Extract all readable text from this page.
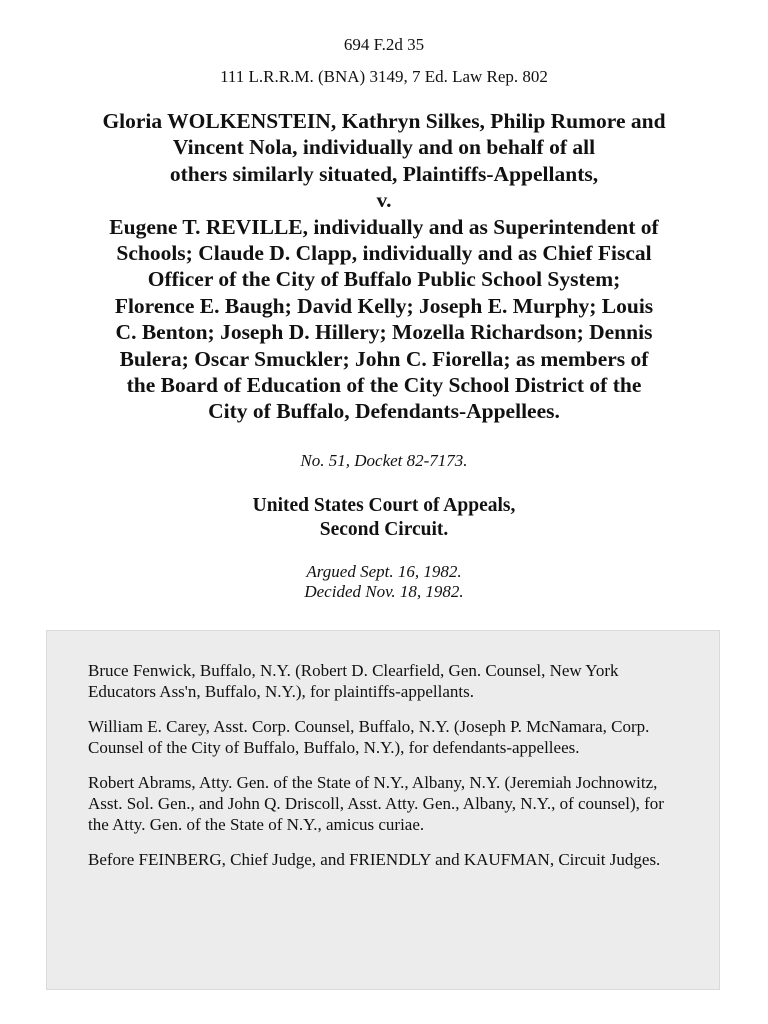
694 F.2d 35
111 L.R.R.M. (BNA) 3149, 7 Ed. Law Rep. 802
Gloria WOLKENSTEIN, Kathryn Silkes, Philip Rumore and
Vincent Nola, individually and on behalf of all
others similarly situated, Plaintiffs-Appellants,
v.
Eugene T. REVILLE, individually and as Superintendent of
Schools; Claude D. Clapp, individually and as Chief Fiscal
Officer of the City of Buffalo Public School System;
Florence E. Baugh; David Kelly; Joseph E. Murphy; Louis
C. Benton; Joseph D. Hillery; Mozella Richardson; Dennis
Bulera; Oscar Smuckler; John C. Fiorella; as members of
the Board of Education of the City School District of the
City of Buffalo, Defendants-Appellees.
No. 51, Docket 82-7173.
United States Court of Appeals,
Second Circuit.
Argued Sept. 16, 1982.
Decided Nov. 18, 1982.

Bruce Fenwick, Buffalo, N.Y. (Robert D. Clearfield, Gen. Counsel, New York Educators Ass'n, Buffalo, N.Y.), for plaintiffs-appellants.

William E. Carey, Asst. Corp. Counsel, Buffalo, N.Y. (Joseph P. McNamara, Corp. Counsel of the City of Buffalo, Buffalo, N.Y.), for defendants-appellees.

Robert Abrams, Atty. Gen. of the State of N.Y., Albany, N.Y. (Jeremiah Jochnowitz, Asst. Sol. Gen., and John Q. Driscoll, Asst. Atty. Gen., Albany, N.Y., of counsel), for the Atty. Gen. of the State of N.Y., amicus curiae.

Before FEINBERG, Chief Judge, and FRIENDLY and KAUFMAN, Circuit Judges.
